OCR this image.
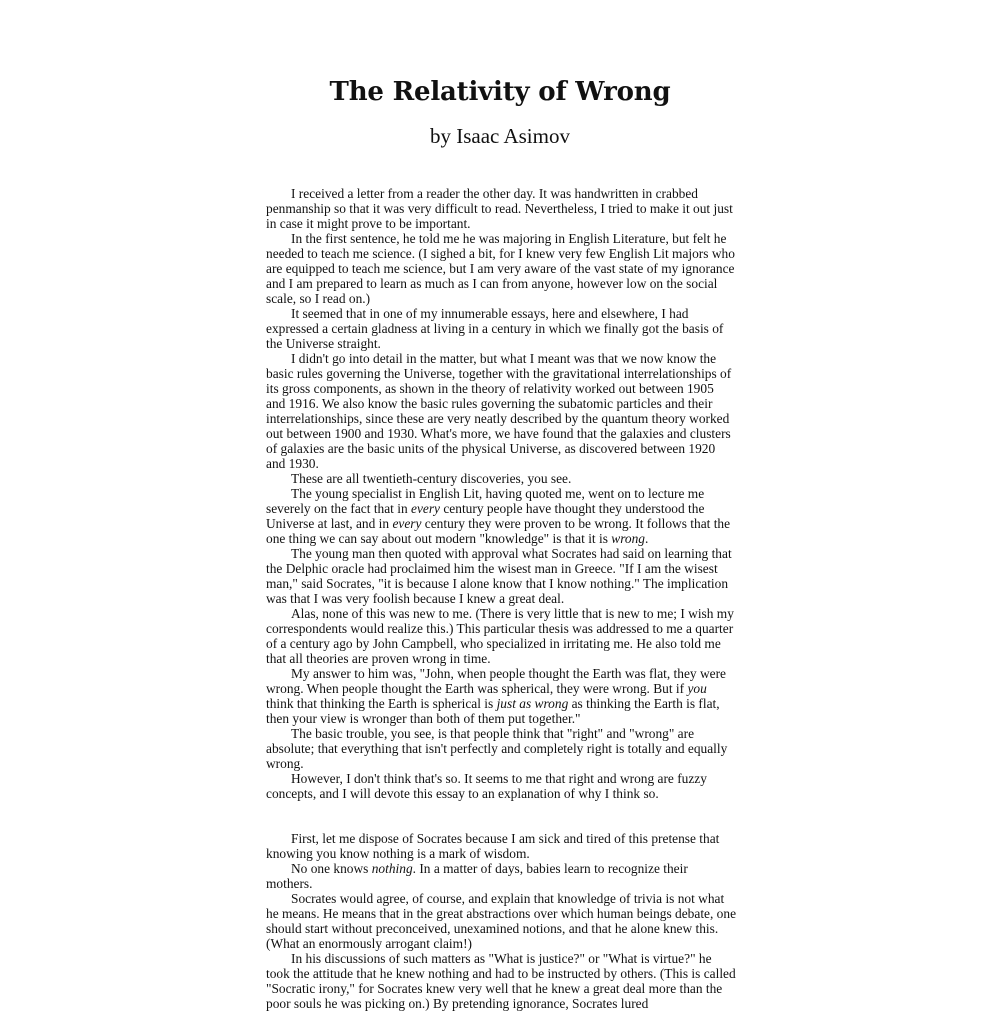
The Relativity of Wrong
by Isaac Asimov

I received a letter from a reader the other day. It was handwritten in crabbed penmanship so that it was very difficult to read. Nevertheless, I tried to make it out just in case it might prove to be important.

In the first sentence, he told me he was majoring in English Literature, but felt he needed to teach me science. (I sighed a bit, for I knew very few English Lit majors who are equipped to teach me science, but I am very aware of the vast state of my ignorance and I am prepared to learn as much as I can from anyone, however low on the social scale, so I read on.)

It seemed that in one of my innumerable essays, here and elsewhere, I had expressed a certain gladness at living in a century in which we finally got the basis of the Universe straight.

I didn't go into detail in the matter, but what I meant was that we now know the basic rules governing the Universe, together with the gravitational interrelationships of its gross components, as shown in the theory of relativity worked out between 1905 and 1916. We also know the basic rules governing the subatomic particles and their interrelationships, since these are very neatly described by the quantum theory worked out between 1900 and 1930. What's more, we have found that the galaxies and clusters of galaxies are the basic units of the physical Universe, as discovered between 1920 and 1930.

These are all twentieth-century discoveries, you see.

The young specialist in English Lit, having quoted me, went on to lecture me severely on the fact that in every century people have thought they understood the Universe at last, and in every century they were proven to be wrong. It follows that the one thing we can say about out modern "knowledge" is that it is wrong.

The young man then quoted with approval what Socrates had said on learning that the Delphic oracle had proclaimed him the wisest man in Greece. "If I am the wisest man," said Socrates, "it is because I alone know that I know nothing." The implication was that I was very foolish because I knew a great deal.

Alas, none of this was new to me. (There is very little that is new to me; I wish my correspondents would realize this.) This particular thesis was addressed to me a quarter of a century ago by John Campbell, who specialized in irritating me. He also told me that all theories are proven wrong in time.

My answer to him was, "John, when people thought the Earth was flat, they were wrong. When people thought the Earth was spherical, they were wrong. But if you think that thinking the Earth is spherical is just as wrong as thinking the Earth is flat, then your view is wronger than both of them put together."

The basic trouble, you see, is that people think that "right" and "wrong" are absolute; that everything that isn't perfectly and completely right is totally and equally wrong.

However, I don't think that's so. It seems to me that right and wrong are fuzzy concepts, and I will devote this essay to an explanation of why I think so.

First, let me dispose of Socrates because I am sick and tired of this pretense that knowing you know nothing is a mark of wisdom.

No one knows nothing. In a matter of days, babies learn to recognize their mothers.

Socrates would agree, of course, and explain that knowledge of trivia is not what he means. He means that in the great abstractions over which human beings debate, one should start without preconceived, unexamined notions, and that he alone knew this. (What an enormously arrogant claim!)

In his discussions of such matters as "What is justice?" or "What is virtue?" he took the attitude that he knew nothing and had to be instructed by others. (This is called "Socratic irony," for Socrates knew very well that he knew a great deal more than the poor souls he was picking on.) By pretending ignorance, Socrates lured
